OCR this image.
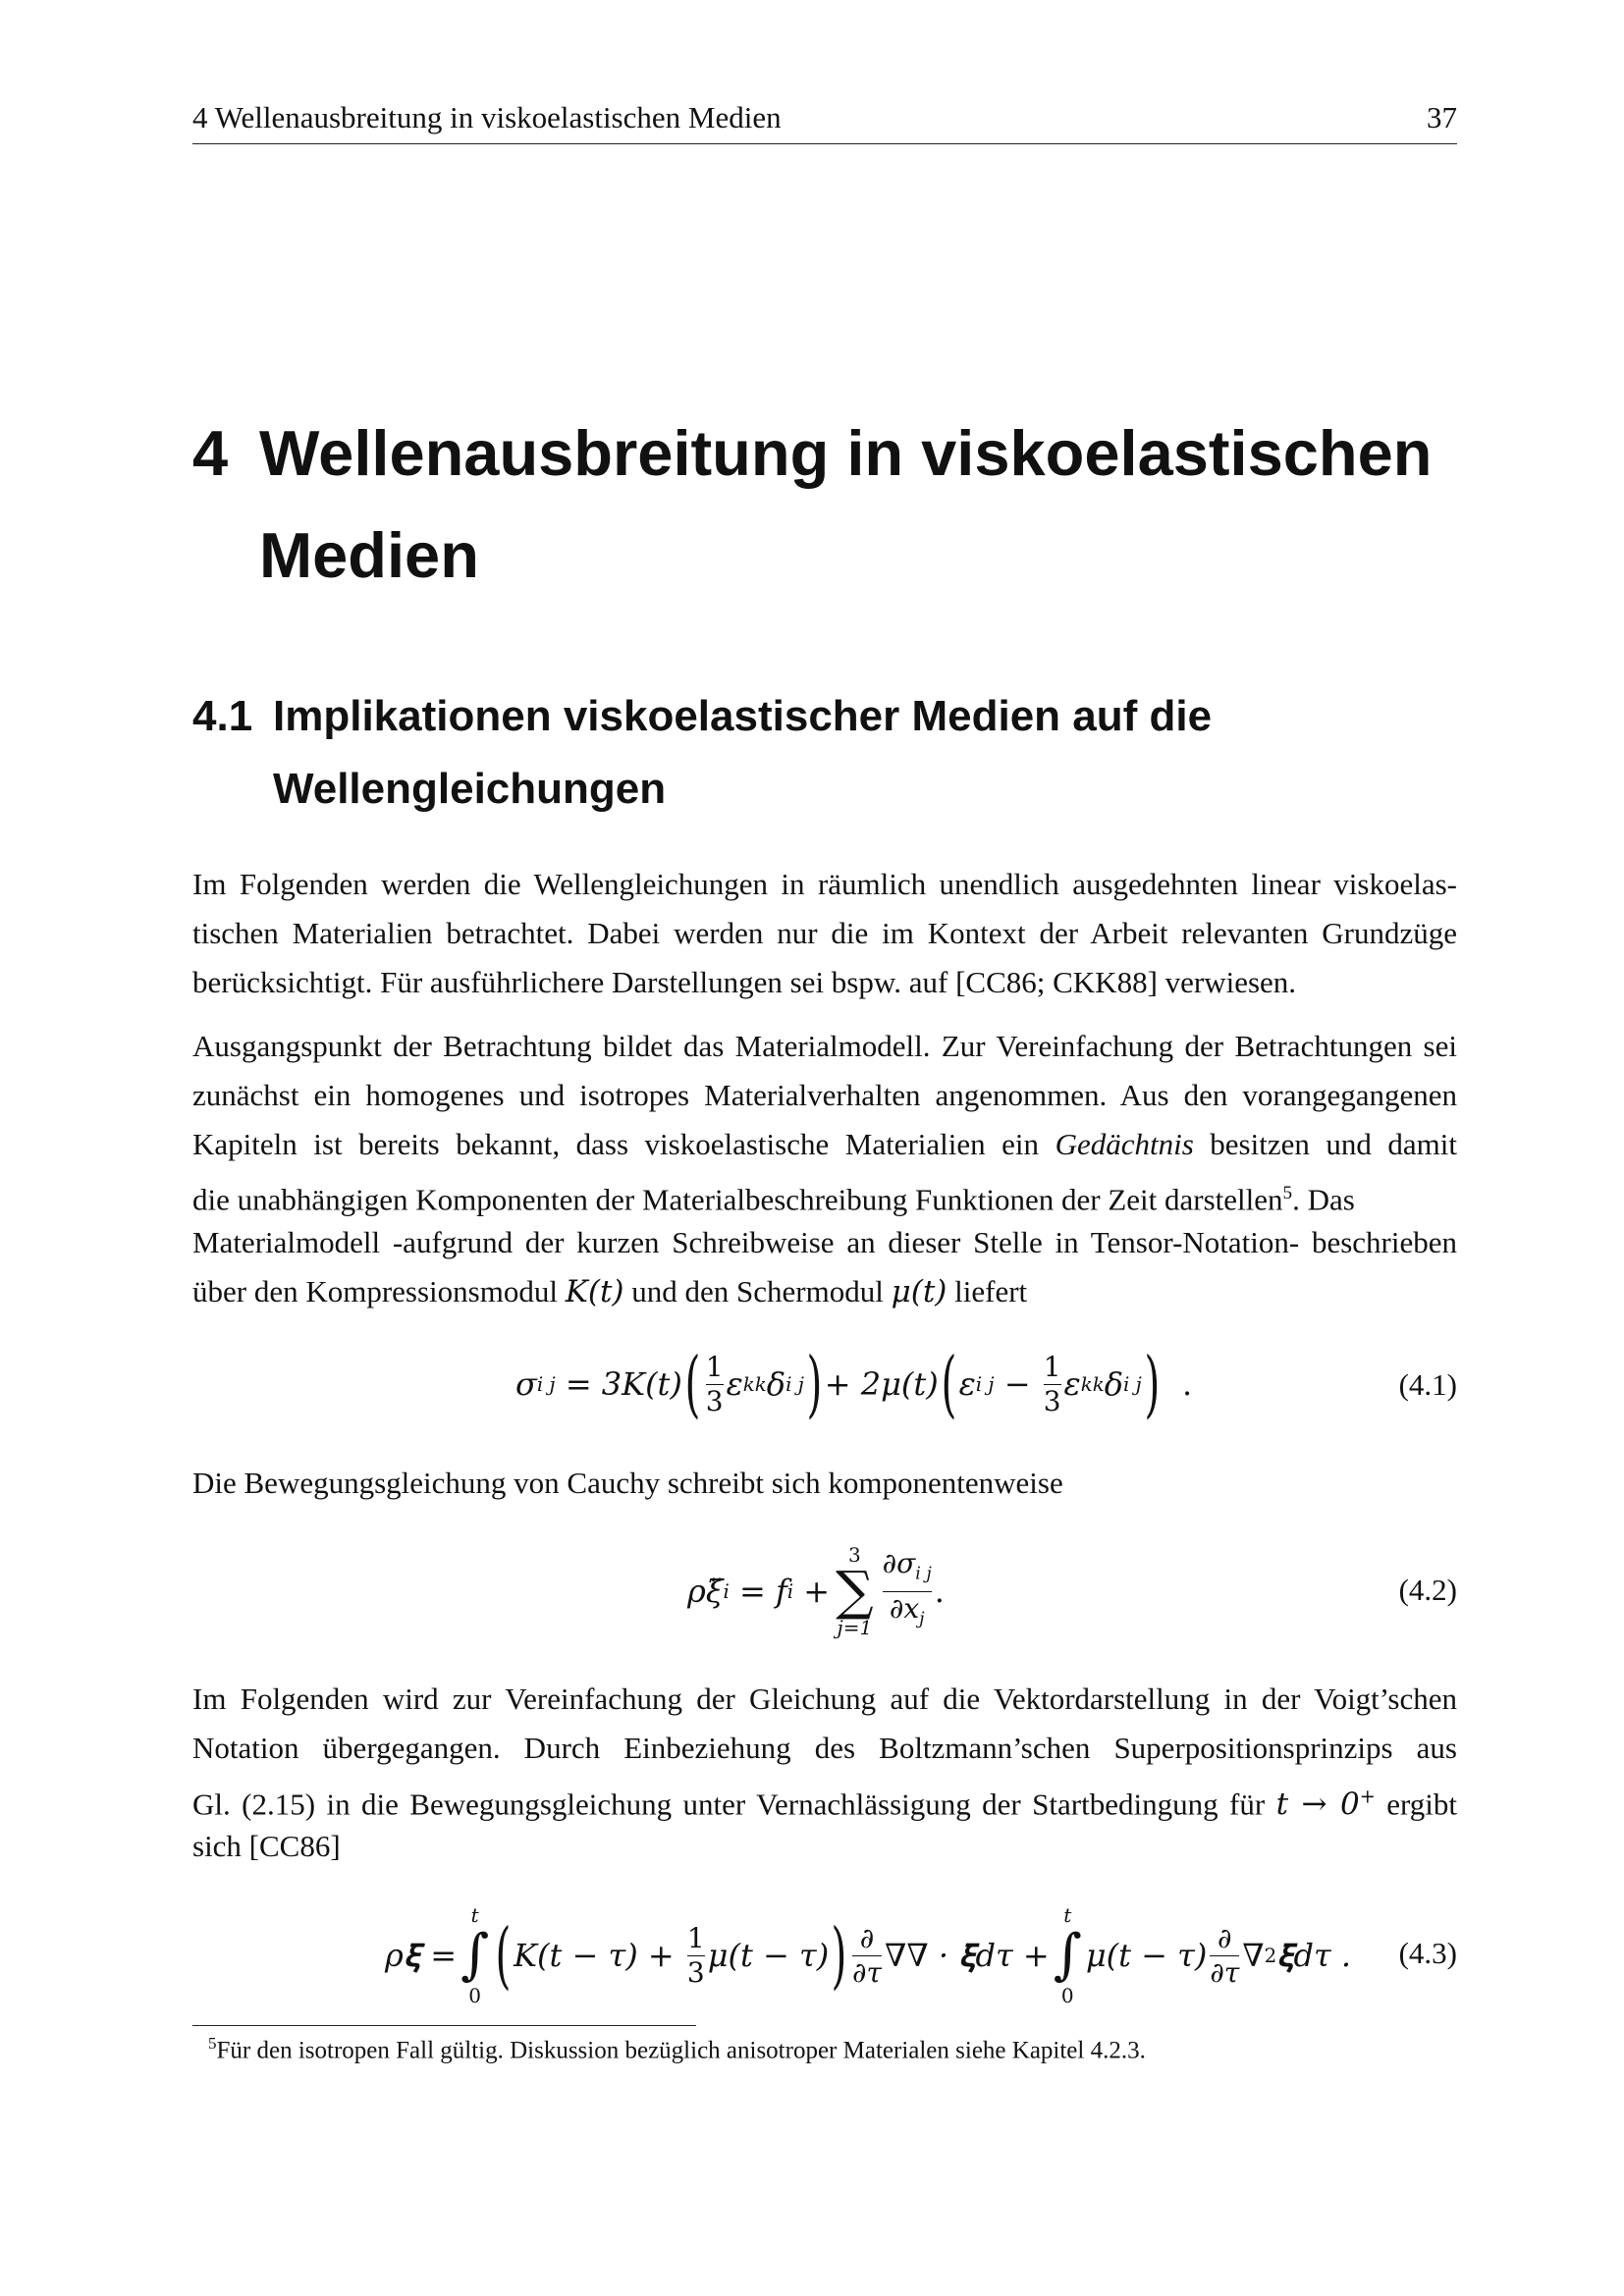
4 Wellenausbreitung in viskoelastischen Medien	37
4 Wellenausbreitung in viskoelastischen
Medien
4.1 Implikationen viskoelastischer Medien auf die
Wellengleichungen
Im Folgenden werden die Wellengleichungen in räumlich unendlich ausgedehnten linear viskoelas-
tischen Materialien betrachtet. Dabei werden nur die im Kontext der Arbeit relevanten Grundzüge
berücksichtigt. Für ausführlichere Darstellungen sei bspw. auf [CC86; CKK88] verwiesen.
Ausgangspunkt der Betrachtung bildet das Materialmodell. Zur Vereinfachung der Betrachtungen sei
zunächst ein homogenes und isotropes Materialverhalten angenommen. Aus den vorangegangenen
Kapiteln ist bereits bekannt, dass viskoelastische Materialien ein Gedächtnis besitzen und damit
die unabhängigen Komponenten der Materialbeschreibung Funktionen der Zeit darstellen$^5$. Das
Materialmodell -aufgrund der kurzen Schreibweise an dieser Stelle in Tensor-Notation- beschrieben
über den Kompressionsmodul K(t) und den Schermodul μ(t) liefert
σ i j
= 3K(t) ( $\frac{1}{3}$ ε kk δ i j ) + 2μ(t) ( ε i j
−
$\frac{1}{3}$ ε kk δ i j )
.	(4.1)
Die Bewegungsgleichung von Cauchy schreibt sich komponentenweise
ρξ̈ i
= f i
+
3
∑
$j=1 \frac{\partial\sigma_{i j}}{\partial x_j}$ .	(4.2)
Im Folgenden wird zur Vereinfachung der Gleichung auf die Vektordarstellung in der Voigt’schen
Notation übergegangen. Durch Einbeziehung des Boltzmann’schen Superpositionsprinzips aus
Gl. (2.15) in die Bewegungsgleichung unter Vernachlässigung der Startbedingung für t → 0+ ergibt
sich [CC86]
ρ𝛏̈ =
t
∫
0 ( K(t − τ) +
$\frac{1}{3} \mu(t - \tau)$ ) $\frac{\partial}{\partial\tau}$ ∇∇ · 𝛏dτ +
t
∫
0
$\mu(t - \tau) \frac{\partial}{\partial\tau}$ ∇ 2 𝛏dτ . (4.3)
$^5$Für den isotropen Fall gültig. Diskussion bezüglich anisotroper Materialen siehe Kapitel 4.2.3.
